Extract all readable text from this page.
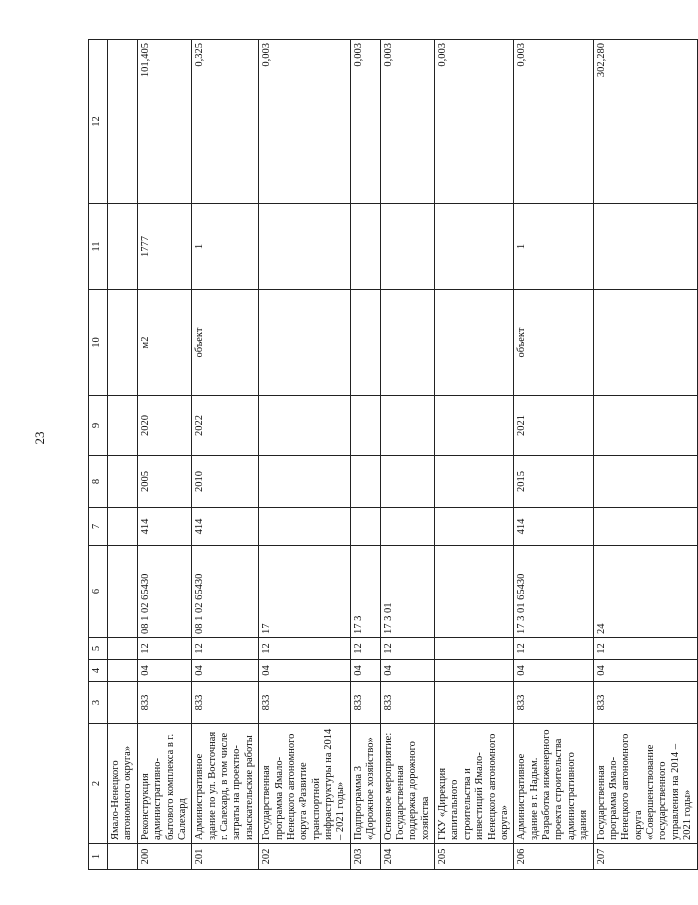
23
1	2	3	4	5	6	7	8	9	10	11	12
	Ямало-Ненецкого автономного округа»										
200	Реконструкция административно-бытового комплекса в г. Салехард	833	04	12	08 1 02 65430	414	2005	2020	м2	1777	101,405
201	Административное здание по ул. Восточная г. Салехард, в том числе затраты на проектно-изыскательские работы	833	04	12	08 1 02 65430	414	2010	2022	объект	1	0,325
202	Государственная программа Ямало-Ненецкого автономного округа «Развитие транспортной инфраструктуры на 2014 – 2021 годы»	833	04	12	17						0,003
203	Подпрограмма 3 «Дорожное хозяйство»	833	04	12	17 3						0,003
204	Основное мероприятие: Государственная поддержка дорожного хозяйства	833	04	12	17 3 01						0,003
205	ГКУ «Дирекция капитального строительства и инвестиций Ямало-Ненецкого автономного округа»										0,003
206	Административное здание в г. Надым. Разработка инженерного проекта строительства административного здания	833	04	12	17 3 01 65430	414	2015	2021	объект	1	0,003
207	Государственная программа Ямало-Ненецкого автономного округа «Совершенствование государственного управления на 2014 – 2021 годы»	833	04	12	24						302,280
